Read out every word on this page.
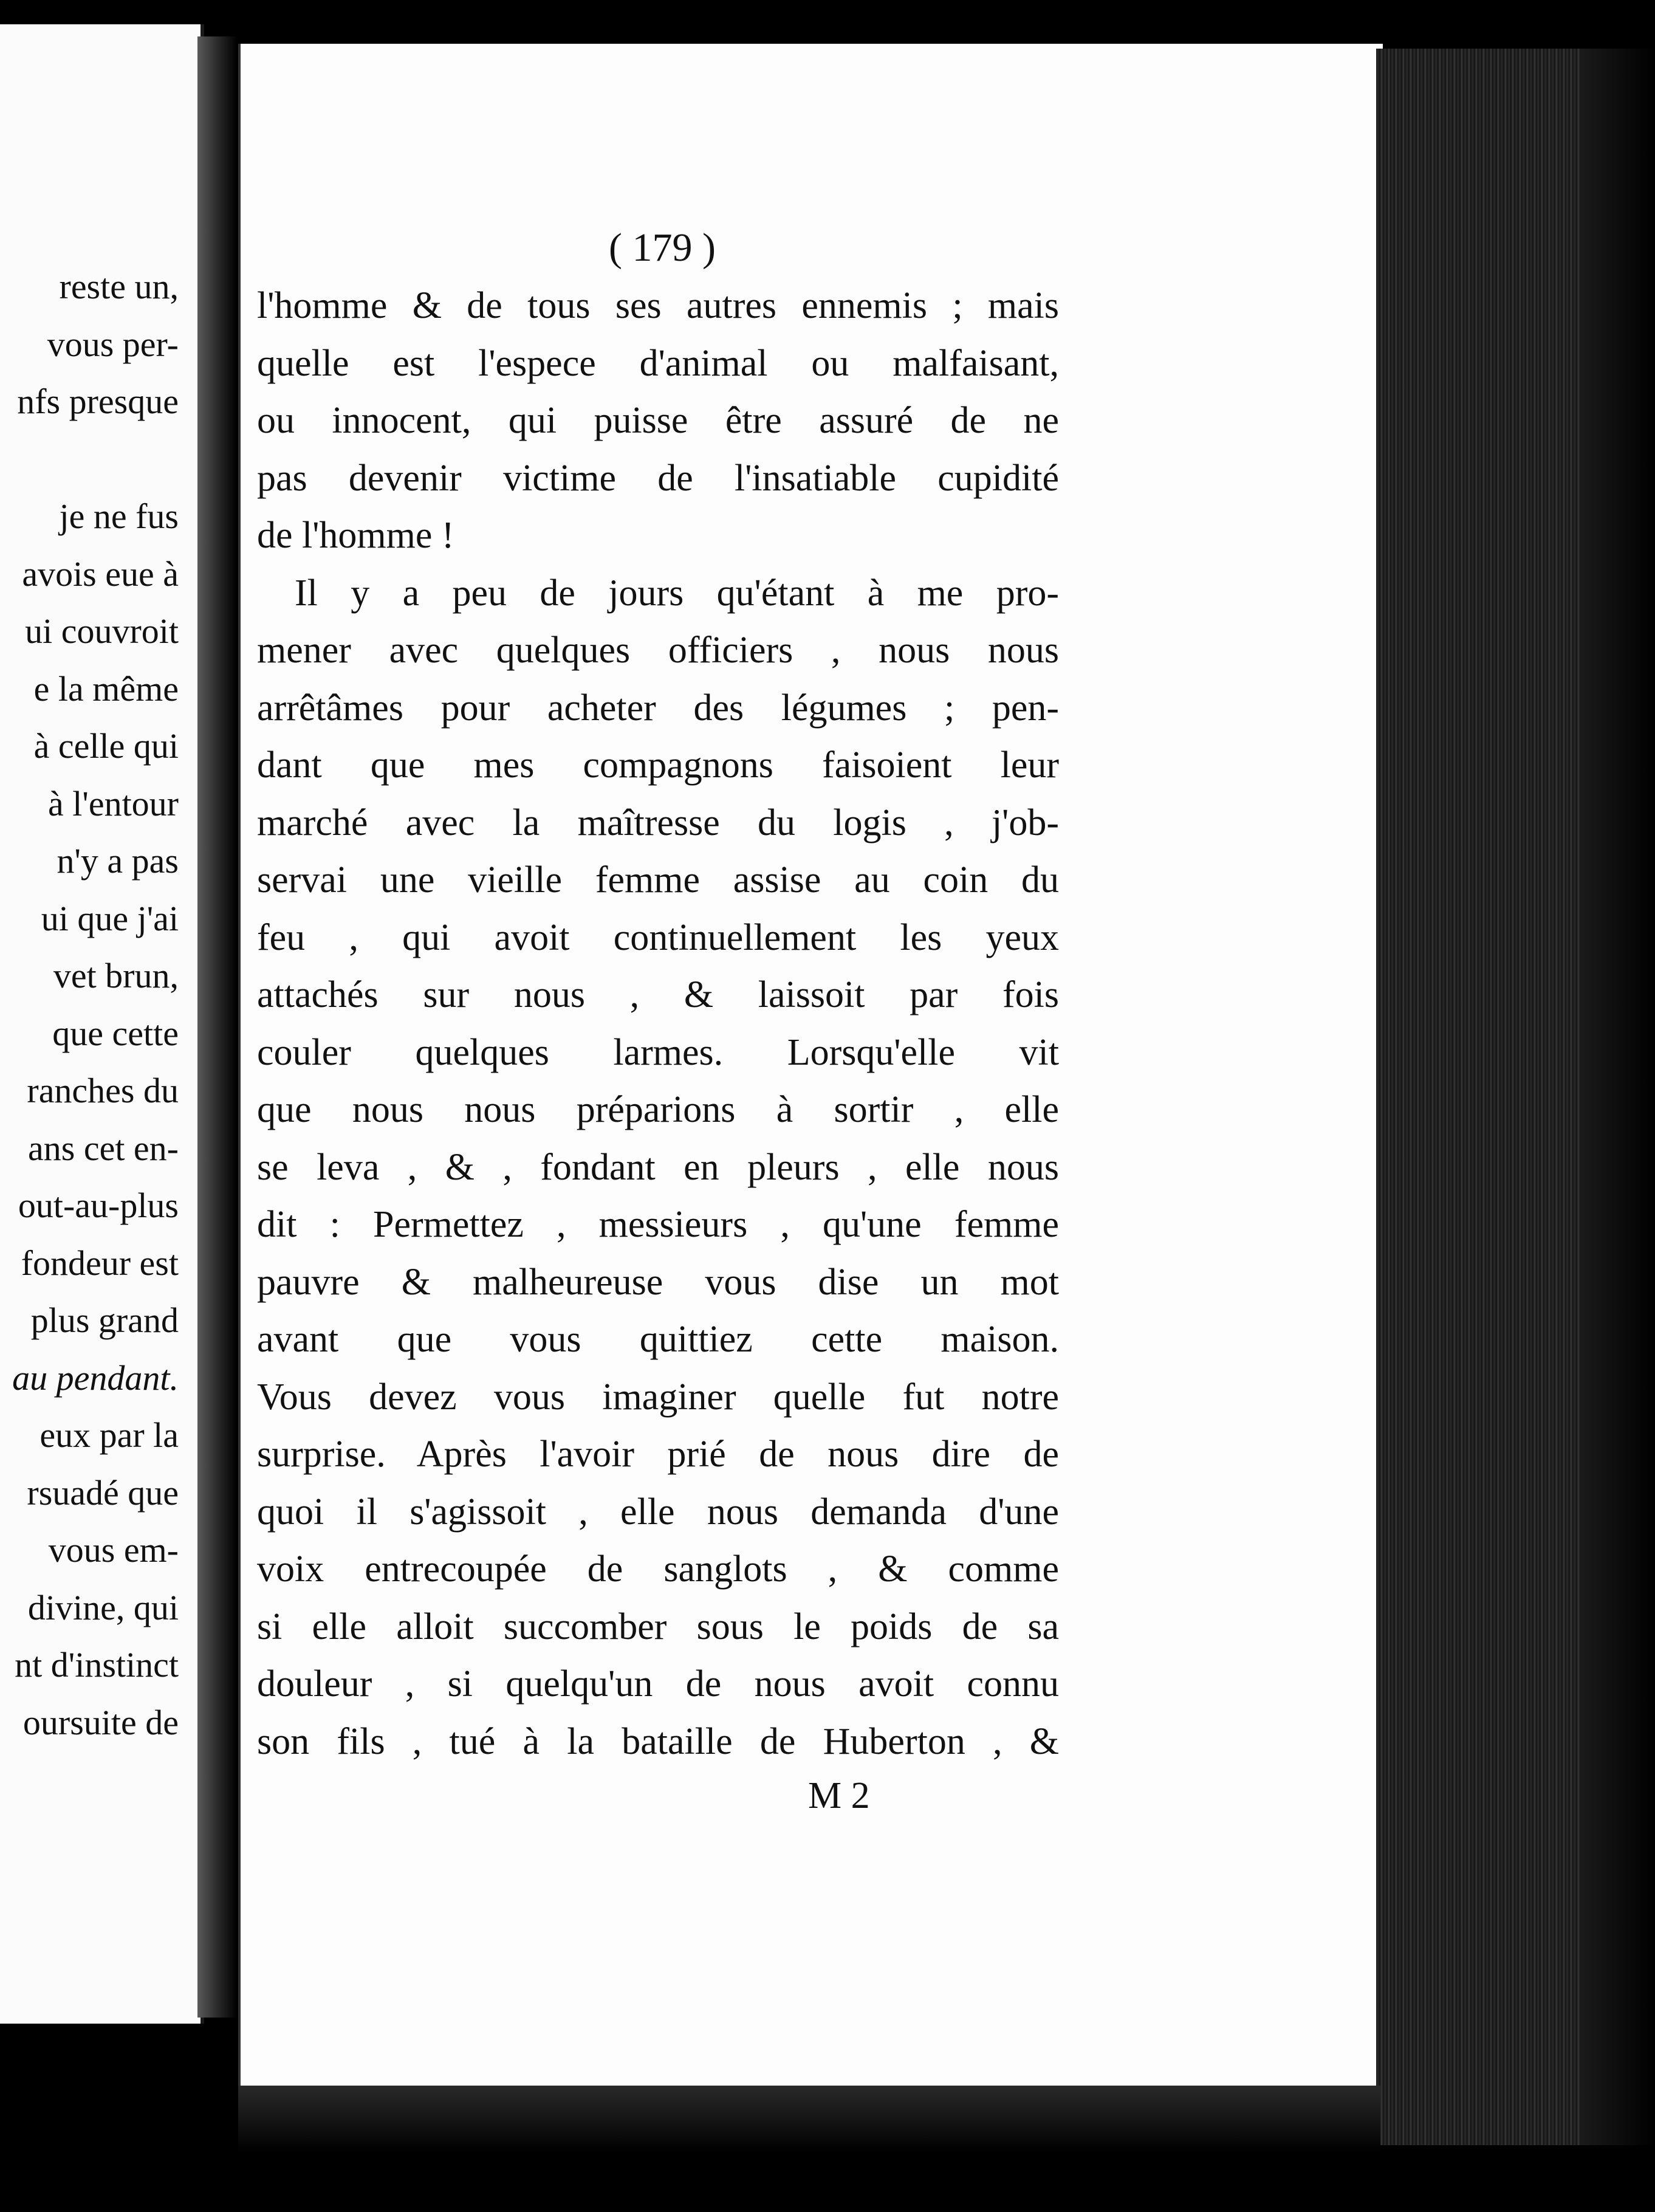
reste un,
vous per-
nfs presque
je ne fus
avois eue à
ui couvroit
e la même
à celle qui
à l'entour
n'y a pas
ui que j'ai
vet brun,
que cette
ranches du
ans cet en-
out-au-plus
fondeur est
plus grand
au pendant.
eux par la
rsuadé que
vous em-
divine, qui
nt d'instinct
oursuite de
( 179 )
l'homme & de tous ses autres ennemis ; mais
quelle est l'espece d'animal ou malfaisant,
ou innocent, qui puisse être assuré de ne
pas devenir victime de l'insatiable cupidité
de l'homme !
Il y a peu de jours qu'étant à me pro-
mener avec quelques officiers , nous nous
arrêtâmes pour acheter des légumes ; pen-
dant que mes compagnons faisoient leur
marché avec la maîtresse du logis , j'ob-
servai une vieille femme assise au coin du
feu , qui avoit continuellement les yeux
attachés sur nous , & laissoit par fois
couler quelques larmes. Lorsqu'elle vit
que nous nous préparions à sortir , elle
se leva , & , fondant en pleurs , elle nous
dit : Permettez , messieurs , qu'une femme
pauvre & malheureuse vous dise un mot
avant que vous quittiez cette maison.
Vous devez vous imaginer quelle fut notre
surprise. Après l'avoir prié de nous dire de
quoi il s'agissoit , elle nous demanda d'une
voix entrecoupée de sanglots , & comme
si elle alloit succomber sous le poids de sa
douleur , si quelqu'un de nous avoit connu
son fils , tué à la bataille de Huberton , &
M 2
